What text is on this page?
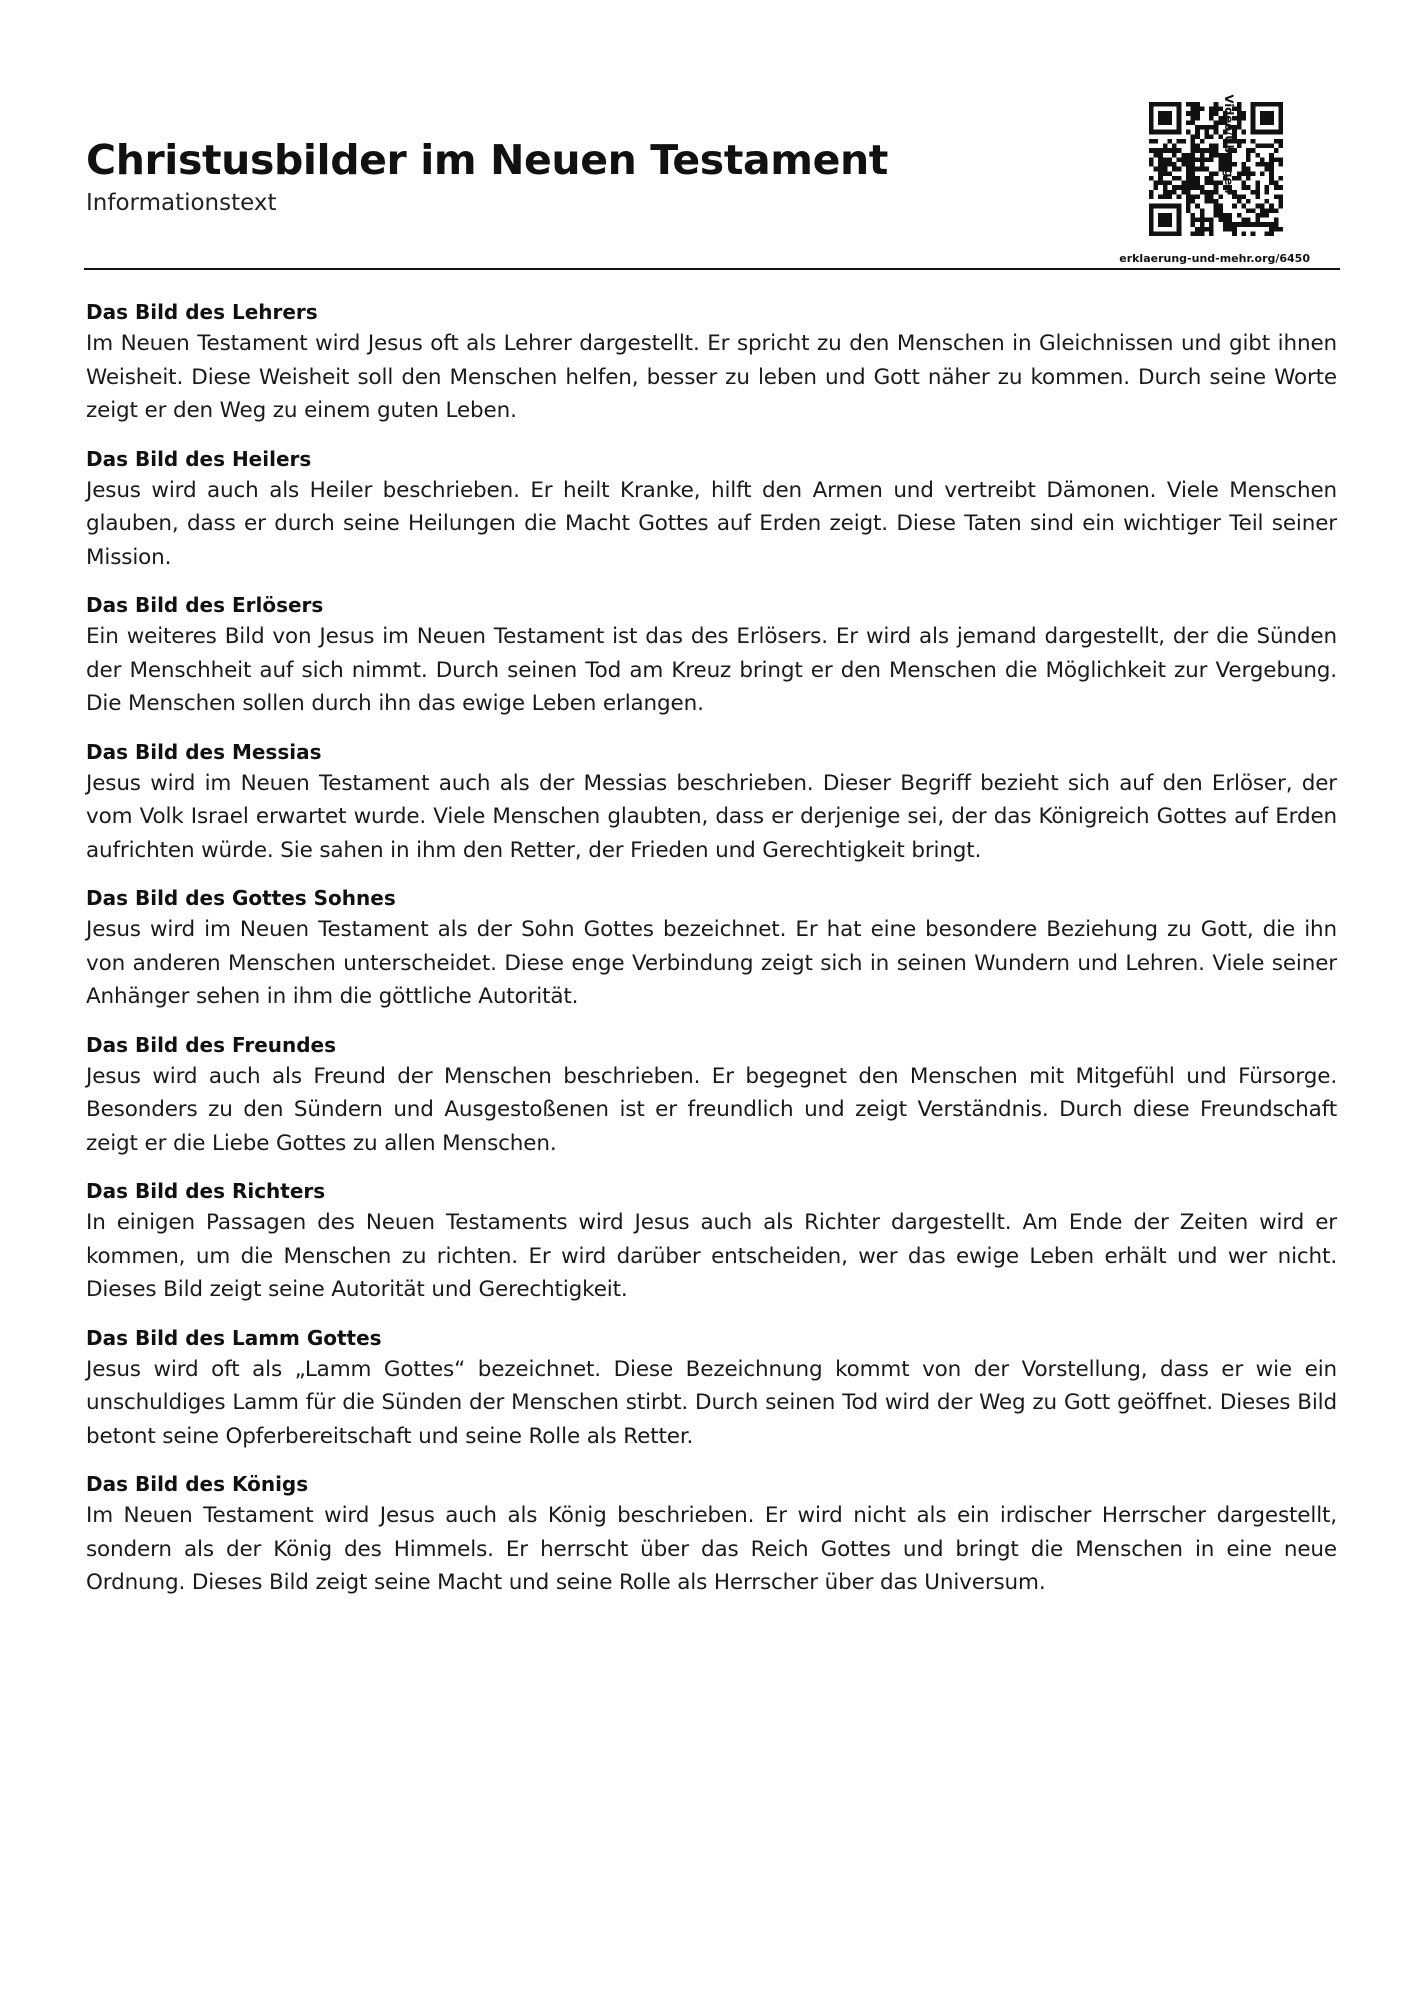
Christusbilder im Neuen Testament
Informationstext
erklaerung-und-mehr.org/6450
Video/Übungen
Das Bild des Lehrers
Im Neuen Testament wird Jesus oft als Lehrer dargestellt. Er spricht zu den Menschen in Gleichnissen und gibt ihnen Weisheit. Diese Weisheit soll den Menschen helfen, besser zu leben und Gott näher zu kommen. Durch seine Worte zeigt er den Weg zu einem guten Leben.
Das Bild des Heilers
Jesus wird auch als Heiler beschrieben. Er heilt Kranke, hilft den Armen und vertreibt Dämonen. Viele Menschen glauben, dass er durch seine Heilungen die Macht Gottes auf Erden zeigt. Diese Taten sind ein wichtiger Teil seiner Mission.
Das Bild des Erlösers
Ein weiteres Bild von Jesus im Neuen Testament ist das des Erlösers. Er wird als jemand dargestellt, der die Sünden der Menschheit auf sich nimmt. Durch seinen Tod am Kreuz bringt er den Menschen die Möglichkeit zur Vergebung. Die Menschen sollen durch ihn das ewige Leben erlangen.
Das Bild des Messias
Jesus wird im Neuen Testament auch als der Messias beschrieben. Dieser Begriff bezieht sich auf den Erlöser, der vom Volk Israel erwartet wurde. Viele Menschen glaubten, dass er derjenige sei, der das Königreich Gottes auf Erden aufrichten würde. Sie sahen in ihm den Retter, der Frieden und Gerechtigkeit bringt.
Das Bild des Gottes Sohnes
Jesus wird im Neuen Testament als der Sohn Gottes bezeichnet. Er hat eine besondere Beziehung zu Gott, die ihn von anderen Menschen unterscheidet. Diese enge Verbindung zeigt sich in seinen Wundern und Lehren. Viele seiner Anhänger sehen in ihm die göttliche Autorität.
Das Bild des Freundes
Jesus wird auch als Freund der Menschen beschrieben. Er begegnet den Menschen mit Mitgefühl und Fürsorge. Besonders zu den Sündern und Ausgestoßenen ist er freundlich und zeigt Verständnis. Durch diese Freundschaft zeigt er die Liebe Gottes zu allen Menschen.
Das Bild des Richters
In einigen Passagen des Neuen Testaments wird Jesus auch als Richter dargestellt. Am Ende der Zeiten wird er kommen, um die Menschen zu richten. Er wird darüber entscheiden, wer das ewige Leben erhält und wer nicht. Dieses Bild zeigt seine Autorität und Gerechtigkeit.
Das Bild des Lamm Gottes
Jesus wird oft als „Lamm Gottes“ bezeichnet. Diese Bezeichnung kommt von der Vorstellung, dass er wie ein unschuldiges Lamm für die Sünden der Menschen stirbt. Durch seinen Tod wird der Weg zu Gott geöffnet. Dieses Bild betont seine Opferbereitschaft und seine Rolle als Retter.
Das Bild des Königs
Im Neuen Testament wird Jesus auch als König beschrieben. Er wird nicht als ein irdischer Herrscher dargestellt, sondern als der König des Himmels. Er herrscht über das Reich Gottes und bringt die Menschen in eine neue Ordnung. Dieses Bild zeigt seine Macht und seine Rolle als Herrscher über das Universum.
